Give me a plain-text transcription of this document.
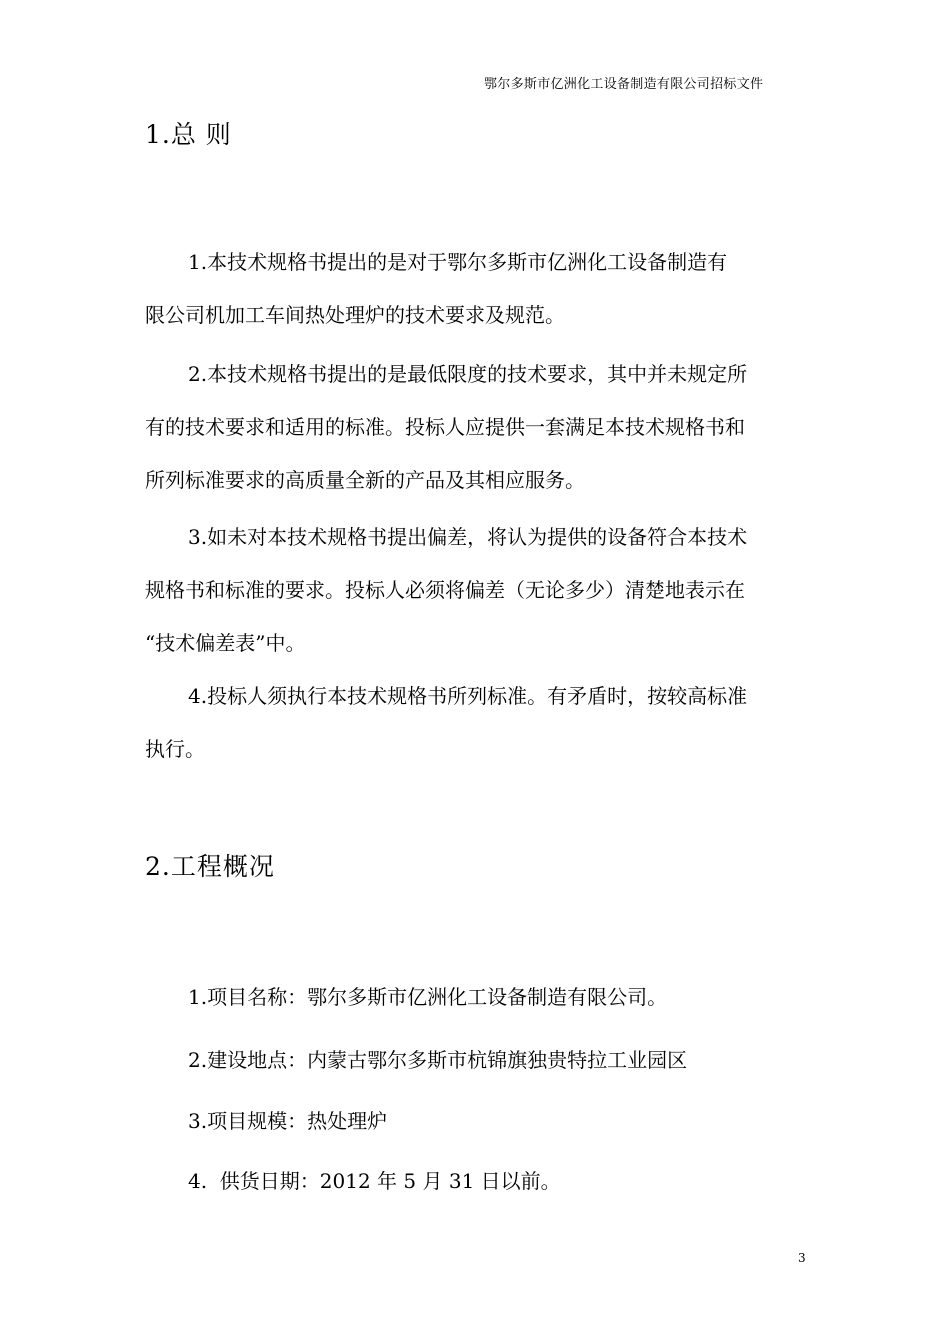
鄂尔多斯市亿洲化工设备制造有限公司招标文件
1.总 则
1.本技术规格书提出的是对于鄂尔多斯市亿洲化工设备制造有
限公司机加工车间热处理炉的技术要求及规范。
2.本技术规格书提出的是最低限度的技术要求，其中并未规定所
有的技术要求和适用的标准。投标人应提供一套满足本技术规格书和
所列标准要求的高质量全新的产品及其相应服务。
3.如未对本技术规格书提出偏差，将认为提供的设备符合本技术
规格书和标准的要求。投标人必须将偏差（无论多少）清楚地表示在
“技术偏差表”中。
4.投标人须执行本技术规格书所列标准。有矛盾时，按较高标准
执行。
2.工程概况

1.项目名称：鄂尔多斯市亿洲化工设备制造有限公司。

2.建设地点：内蒙古鄂尔多斯市杭锦旗独贵特拉工业园区

3.项目规模：热处理炉

4.  供货日期：2012 年 5 月 31 日以前。

3
